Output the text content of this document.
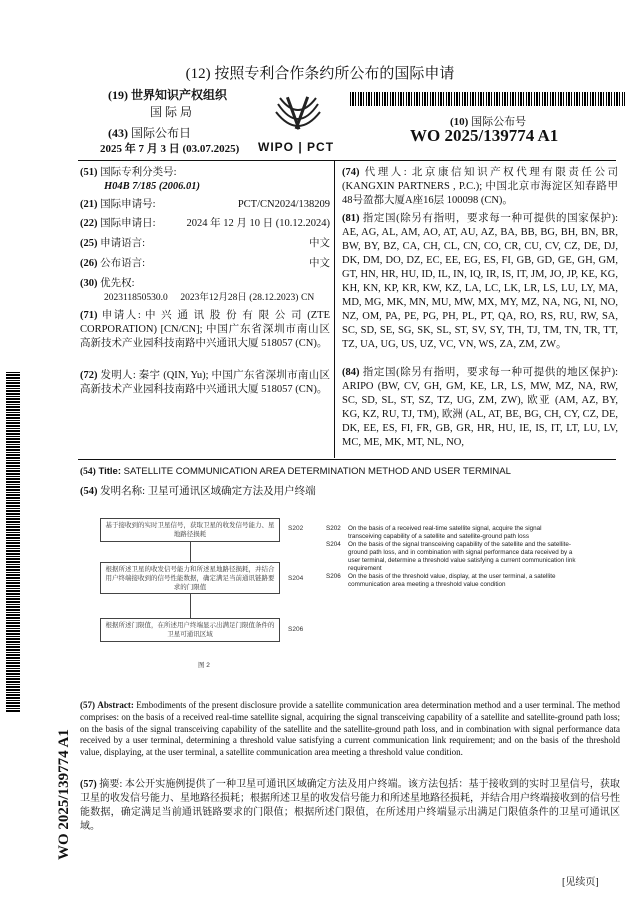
(12) 按照专利合作条约所公布的国际申请
(19) 世界知识产权组织
国 际 局
(43) 国际公布日
2025 年 7 月 3 日 (03.07.2025) WIPO | PCT
(10) 国际公布号
WO 2025/139774 A1
(51) 国际专利分类号:
H04B 7/185 (2006.01)
(21) 国际申请号:	PCT/CN2024/138209
(22) 国际申请日:	2024 年 12 月 10 日 (10.12.2024)
(25) 申请语言:	中文
(26) 公布语言:	中文
(30) 优先权:
202311850530.0 2023年12月28日 (28.12.2023) CN
(71) 申请人: 中 兴 通 讯 股 份 有 限 公 司 (ZTE CORPORATION) [CN/CN]; 中国广东省深圳市南山区高新技术产业园科技南路中兴通讯大厦 518057 (CN)。
(72) 发明人: 秦宇 (QIN, Yu); 中国广东省深圳市南山区高新技术产业园科技南路中兴通讯大厦 518057 (CN)。
(74) 代理人: 北京康信知识产权代理有限责任公司 (KANGXIN PARTNERS , P.C.); 中国北京市海淀区知春路甲48号盈都大厦A座16层 100098 (CN)。
(81) 指定国(除另有指明，要求每一种可提供的国家保护): AE, AG, AL, AM, AO, AT, AU, AZ, BA, BB, BG, BH, BN, BR, BW, BY, BZ, CA, CH, CL, CN, CO, CR, CU, CV, CZ, DE, DJ, DK, DM, DO, DZ, EC, EE, EG, ES, FI, GB, GD, GE, GH, GM, GT, HN, HR, HU, ID, IL, IN, IQ, IR, IS, IT, JM, JO, JP, KE, KG, KH, KN, KP, KR, KW, KZ, LA, LC, LK, LR, LS, LU, LY, MA, MD, MG, MK, MN, MU, MW, MX, MY, MZ, NA, NG, NI, NO, NZ, OM, PA, PE, PG, PH, PL, PT, QA, RO, RS, RU, RW, SA, SC, SD, SE, SG, SK, SL, ST, SV, SY, TH, TJ, TM, TN, TR, TT, TZ, UA, UG, US, UZ, VC, VN, WS, ZA, ZM, ZW。
(84) 指定国(除另有指明，要求每一种可提供的地区保护): ARIPO (BW, CV, GH, GM, KE, LR, LS, MW, MZ, NA, RW, SC, SD, SL, ST, SZ, TZ, UG, ZM, ZW), 欧亚 (AM, AZ, BY, KG, KZ, RU, TJ, TM), 欧洲 (AL, AT, BE, BG, CH, CY, CZ, DE, DK, EE, ES, FI, FR, GB, GR, HR, HU, IE, IS, IT, LT, LU, LV, MC, ME, MK, MT, NL, NO,
(54) Title: SATELLITE COMMUNICATION AREA DETERMINATION METHOD AND USER TERMINAL
(54) 发明名称: 卫星可通讯区域确定方法及用户终端
基于接收到的实时卫星信号，获取卫星的收发信号能力、星地路径损耗
S202
根据所述卫星的收发信号能力和所述星地路径损耗，并结合用户终端接收到的信号性能数据，确定满足当前通讯链路要求的门限值
S204
根据所述门限值，在所述用户终端显示出满足门限值条件的卫星可通讯区域
S206
图 2
S202	On the basis of a received real-time satellite signal, acquire the signal transceiving capability of a satellite and satellite-ground path loss
S204	On the basis of the signal transceiving capability of the satellite and the satellite-ground path loss, and in combination with signal performance data received by a user terminal, determine a threshold value satisfying a current communication link requirement
S206	On the basis of the threshold value, display, at the user terminal, a satellite communication area meeting a threshold value condition
(57) Abstract: Embodiments of the present disclosure provide a satellite communication area determination method and a user terminal. The method comprises: on the basis of a received real-time satellite signal, acquiring the signal transceiving capability of a satellite and satellite-ground path loss; on the basis of the signal transceiving capability of the satellite and the satellite-ground path loss, and in combination with signal performance data received by a user terminal, determining a threshold value satisfying a current communication link requirement; and on the basis of the threshold value, displaying, at the user terminal, a satellite communication area meeting a threshold value condition.
(57) 摘要: 本公开实施例提供了一种卫星可通讯区域确定方法及用户终端。该方法包括：基于接收到的实时卫星信号，获取卫星的收发信号能力、星地路径损耗；根据所述卫星的收发信号能力和所述星地路径损耗，并结合用户终端接收到的信号性能数据，确定满足当前通讯链路要求的门限值；根据所述门限值，在所述用户终端显示出满足门限值条件的卫星可通讯区域。
WO 2025/139774 A1
[见续页]
